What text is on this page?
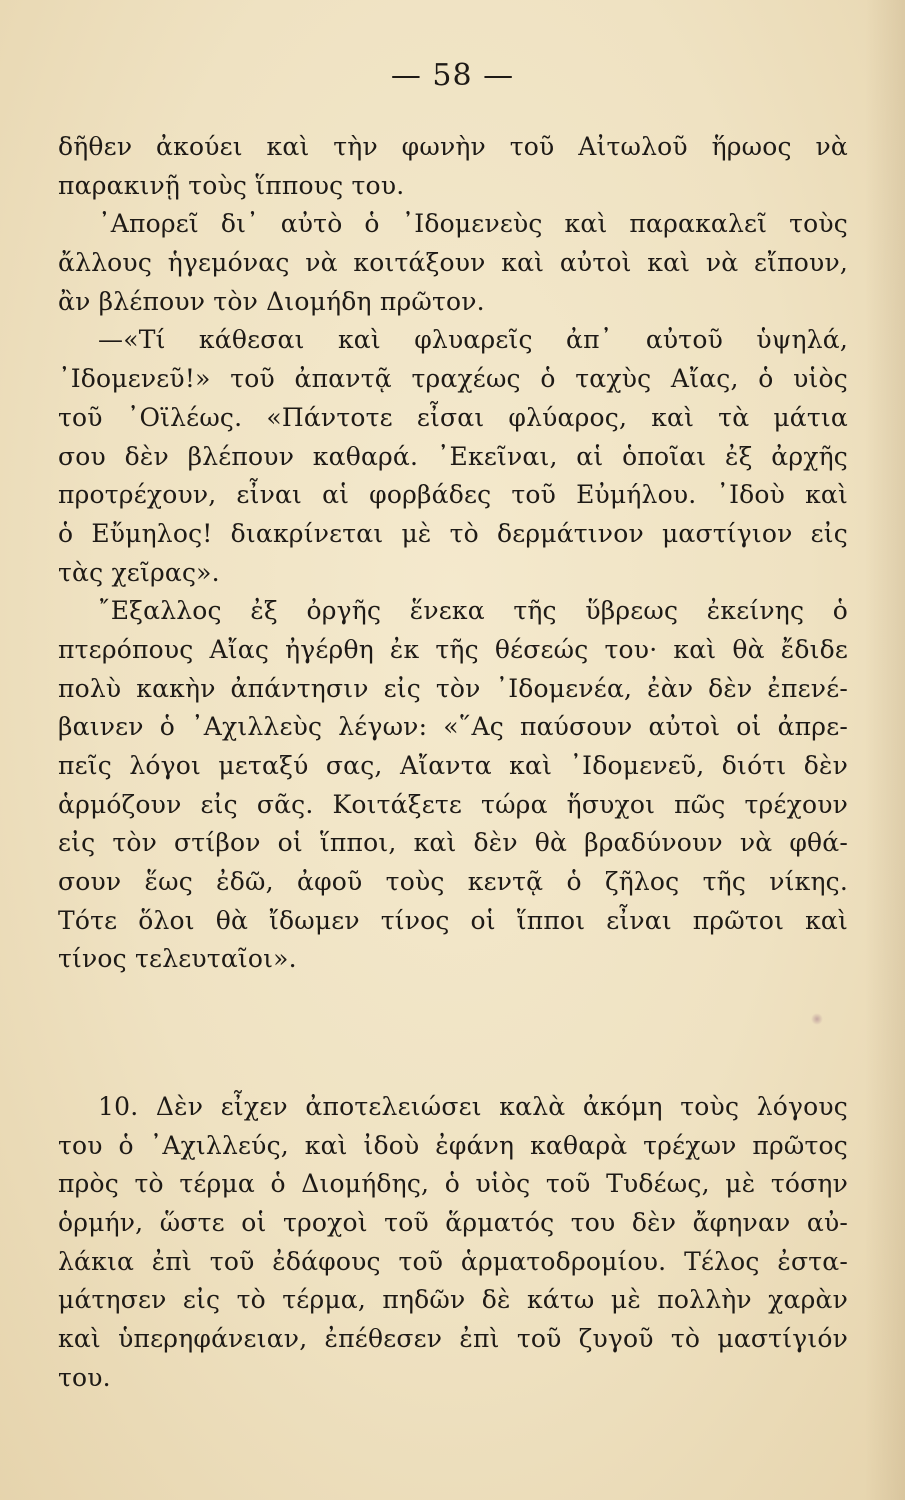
— 58 —
δῆθεν ἀκούει καὶ τὴν φωνὴν τοῦ Αἰτωλοῦ ἥρωος νὰ
παρακινῇ τοὺς ἵππους του.
᾿Απορεῖ δι᾿ αὐτὸ ὁ ᾿Ιδομενεὺς καὶ παρακαλεῖ τοὺς
ἄλλους ἡγεμόνας νὰ κοιτάξουν καὶ αὐτοὶ καὶ νὰ εἴπουν,
ἂν βλέπουν τὸν Διομήδη πρῶτον.
—«Τί κάθεσαι καὶ φλυαρεῖς ἀπ᾿ αὐτοῦ ὑψηλά,
᾿Ιδομενεῦ!» τοῦ ἀπαντᾷ τραχέως ὁ ταχὺς Αἴας, ὁ υἱὸς
τοῦ ᾿Οϊλέως. «Πάντοτε εἶσαι φλύαρος, καὶ τὰ μάτια
σου δὲν βλέπουν καθαρά. ᾿Εκεῖναι, αἱ ὁποῖαι ἐξ ἀρχῆς
προτρέχουν, εἶναι αἱ φορβάδες τοῦ Εὐμήλου. ᾿Ιδοὺ καὶ
ὁ Εὔμηλος! διακρίνεται μὲ τὸ δερμάτινον μαστίγιον εἰς
τὰς χεῖρας».
῎Εξαλλος ἐξ ὀργῆς ἕνεκα τῆς ὕβρεως ἐκείνης ὁ
πτερόπους Αἴας ἠγέρθη ἐκ τῆς θέσεώς του· καὶ θὰ ἔδιδε
πολὺ κακὴν ἀπάντησιν εἰς τὸν ᾿Ιδομενέα, ἐὰν δὲν ἐπενέ-
βαινεν ὁ ᾿Αχιλλεὺς λέγων: «῞Ας παύσουν αὐτοὶ οἱ ἀπρε-
πεῖς λόγοι μεταξύ σας, Αἴαντα καὶ ᾿Ιδομενεῦ, διότι δὲν
ἁρμόζουν εἰς σᾶς. Κοιτάξετε τώρα ἥσυχοι πῶς τρέχουν
εἰς τὸν στίβον οἱ ἵπποι, καὶ δὲν θὰ βραδύνουν νὰ φθά-
σουν ἕως ἐδῶ, ἀφοῦ τοὺς κεντᾷ ὁ ζῆλος τῆς νίκης.
Τότε ὅλοι θὰ ἴδωμεν τίνος οἱ ἵπποι εἶναι πρῶτοι καὶ
τίνος τελευταῖοι».
10. Δὲν εἶχεν ἀποτελειώσει καλὰ ἀκόμη τοὺς λόγους
του ὁ ᾿Αχιλλεύς, καὶ ἰδοὺ ἐφάνη καθαρὰ τρέχων πρῶτος
πρὸς τὸ τέρμα ὁ Διομήδης, ὁ υἱὸς τοῦ Τυδέως, μὲ τόσην
ὁρμήν, ὥστε οἱ τροχοὶ τοῦ ἅρματός του δὲν ἄφηναν αὐ-
λάκια ἐπὶ τοῦ ἐδάφους τοῦ ἁρματοδρομίου. Τέλος ἐστα-
μάτησεν εἰς τὸ τέρμα, πηδῶν δὲ κάτω μὲ πολλὴν χαρὰν
καὶ ὑπερηφάνειαν, ἐπέθεσεν ἐπὶ τοῦ ζυγοῦ τὸ μαστίγιόν
του.
